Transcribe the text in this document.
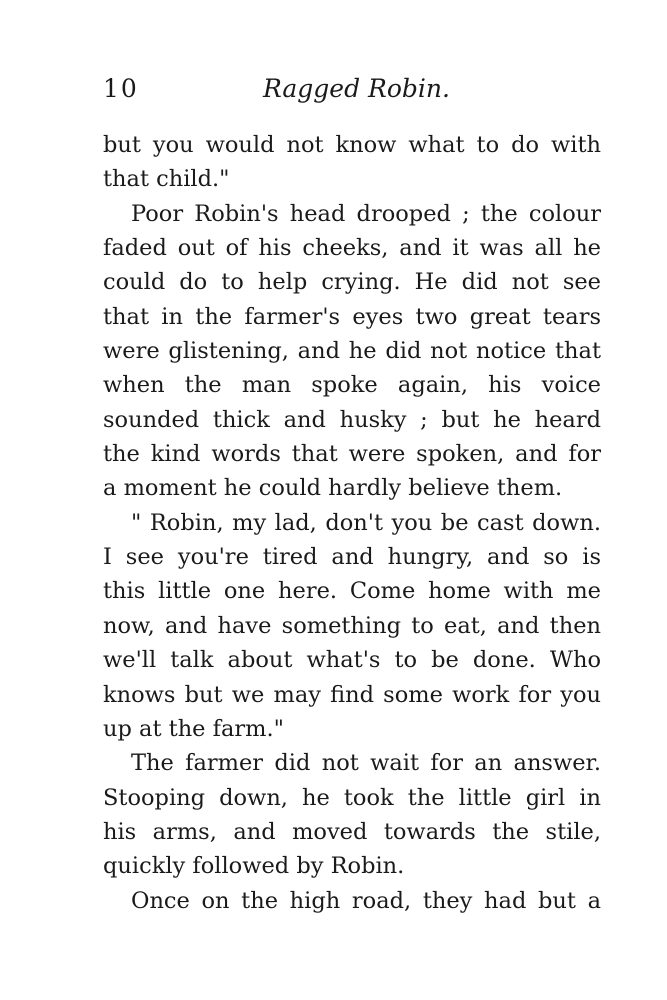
10	Ragged Robin.
but you would not know what to do with
that child."
Poor Robin's head drooped ; the colour
faded out of his cheeks, and it was all he
could do to help crying. He did not see
that in the farmer's eyes two great tears
were glistening, and he did not notice that
when the man spoke again, his voice
sounded thick and husky ; but he heard
the kind words that were spoken, and for
a moment he could hardly believe them.
" Robin, my lad, don't you be cast down.
I see you're tired and hungry, and so is
this little one here. Come home with me
now, and have something to eat, and then
we'll talk about what's to be done. Who
knows but we may find some work for you
up at the farm."
The farmer did not wait for an answer.
Stooping down, he took the little girl in
his arms, and moved towards the stile,
quickly followed by Robin.
Once on the high road, they had but a
